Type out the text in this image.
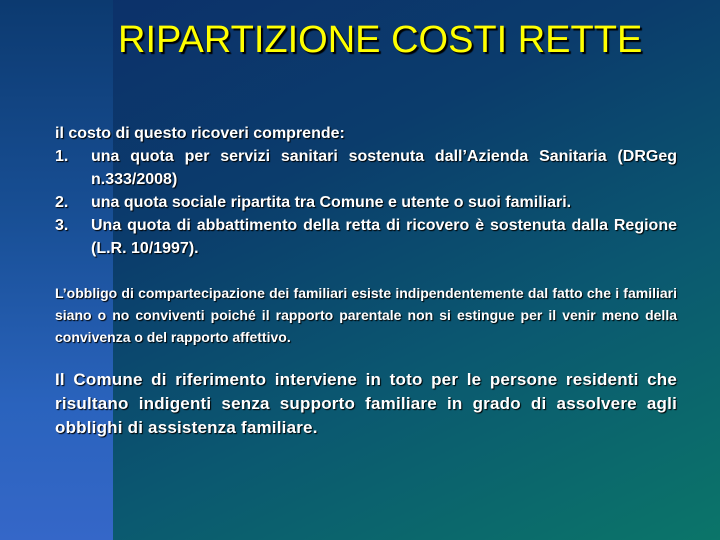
RIPARTIZIONE COSTI RETTE

il costo di questo ricoveri comprende:

1. una quota per servizi sanitari sostenuta dall’Azienda Sanitaria (DRGeg n.333/2008)
2. una quota sociale ripartita tra Comune e utente o suoi familiari.
3. Una quota di abbattimento della retta di ricovero è sostenuta dalla Regione (L.R. 10/1997).

L’obbligo di compartecipazione dei familiari esiste indipendentemente dal fatto che i familiari siano o no conviventi poiché il rapporto parentale non si estingue per il venir meno della convivenza o del rapporto affettivo.

Il Comune di riferimento interviene in toto per le persone residenti che risultano indigenti senza supporto familiare in grado di assolvere agli obblighi di assistenza familiare.
